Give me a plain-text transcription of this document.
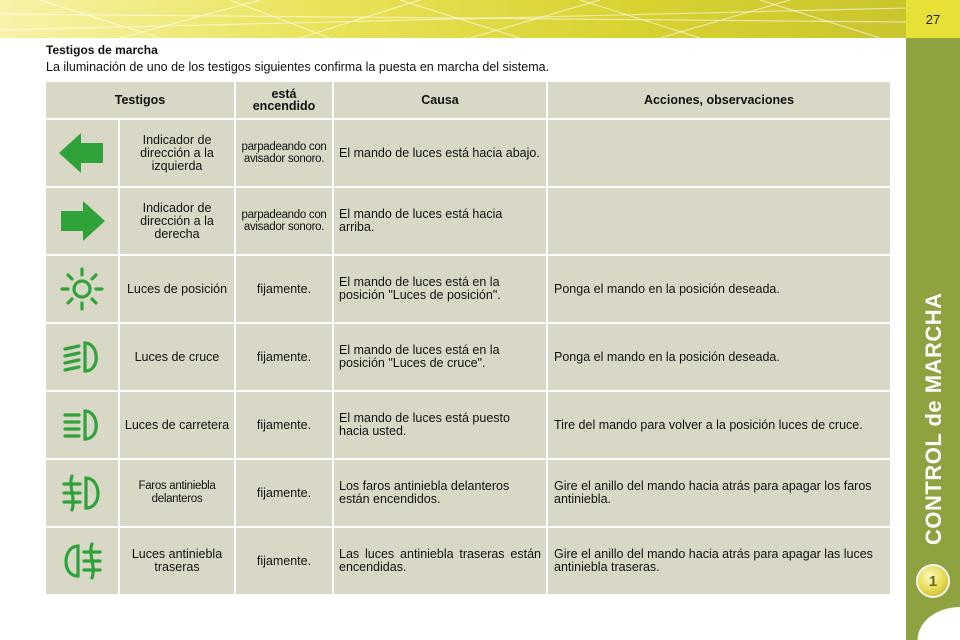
27
1
Testigos de marcha
La iluminación de uno de los testigos siguientes confirma la puesta en marcha del sistema.
Testigos		está encendido	Causa	Acciones, observaciones

	Indicador de dirección a la izquierda	parpadeando con avisador sonoro.	El mando de luces está hacia abajo.	

	Indicador de dirección a la derecha	parpadeando con avisador sonoro.	El mando de luces está hacia arriba.	

	Luces de posición	fijamente.	El mando de luces está en la posición "Luces de posición".	Ponga el mando en la posición deseada.

	Luces de cruce	fijamente.	El mando de luces está en la posición "Luces de cruce".	Ponga el mando en la posición deseada.

	Luces de carretera	fijamente.	El mando de luces está puesto hacia usted.	Tire del mando para volver a la posición luces de cruce.

	Faros antiniebla delanteros	fijamente.	Los faros antiniebla delanteros están encendidos.	Gire el anillo del mando hacia atrás para apagar los faros antiniebla.

	Luces antiniebla traseras	fijamente.	Las luces antiniebla traseras están encendidas.	Gire el anillo del mando hacia atrás para apagar las luces antiniebla traseras.
